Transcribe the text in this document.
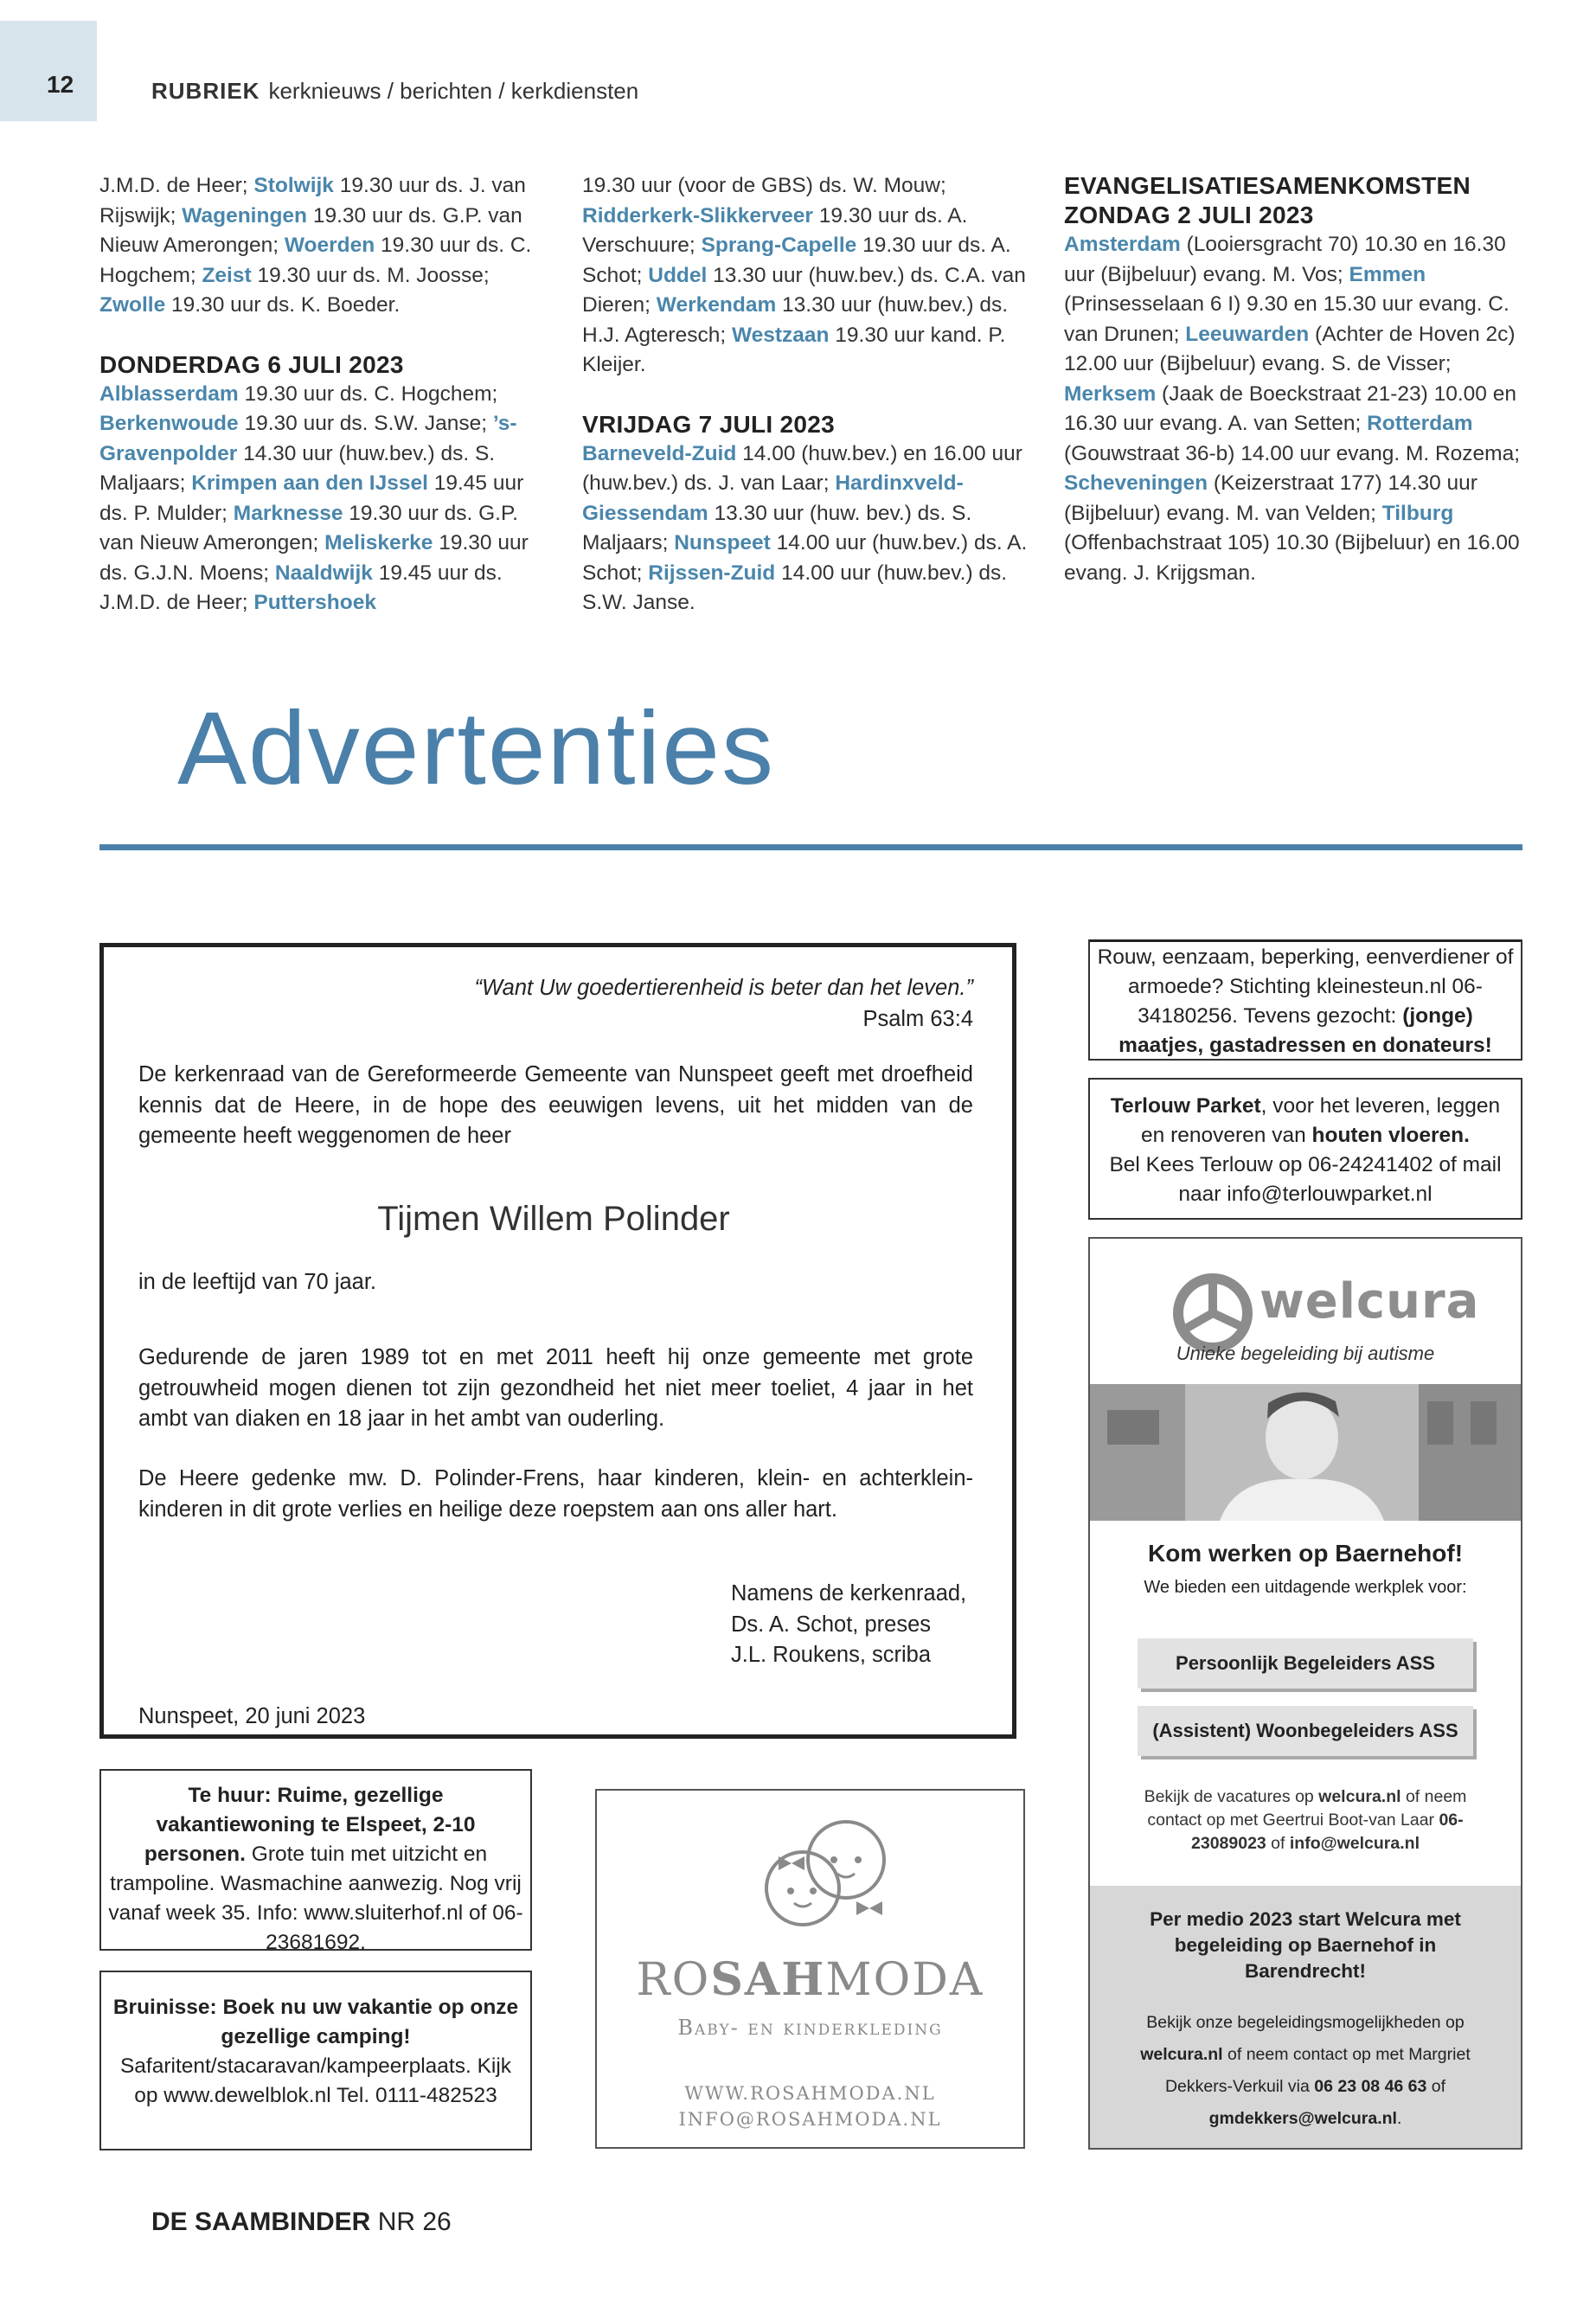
12	RUBRIEK kerknieuws / berichten / kerkdiensten
J.M.D. de Heer; Stolwijk 19.30 uur ds. J. van Rijswijk; Wageningen 19.30 uur ds. G.P. van Nieuw Amerongen; Woerden 19.30 uur ds. C. Hogchem; Zeist 19.30 uur ds. M. Joosse; Zwolle 19.30 uur ds. K. Boeder.
DONDERDAG 6 JULI 2023
Alblasserdam 19.30 uur ds. C. Hogchem; Berkenwoude 19.30 uur ds. S.W. Janse; ’s-Gravenpolder 14.30 uur (huw.bev.) ds. S. Maljaars; Krimpen aan den IJssel 19.45 uur ds. P. Mulder; Marknesse 19.30 uur ds. G.P. van Nieuw Amerongen; Meliskerke 19.30 uur ds. G.J.N. Moens; Naaldwijk 19.45 uur ds. J.M.D. de Heer; Puttershoek
19.30 uur (voor de GBS) ds. W. Mouw; Ridderkerk-Slikkerveer 19.30 uur ds. A. Verschuure; Sprang-Capelle 19.30 uur ds. A. Schot; Uddel 13.30 uur (huw.bev.) ds. C.A. van Dieren; Werkendam 13.30 uur (huw.bev.) ds. H.J. Agteresch; Westzaan 19.30 uur kand. P. Kleijer.
VRIJDAG 7 JULI 2023
Barneveld-Zuid 14.00 (huw.bev.) en 16.00 uur (huw.bev.) ds. J. van Laar; Hardinxveld-Giessendam 13.30 uur (huw. bev.) ds. S. Maljaars; Nunspeet 14.00 uur (huw.bev.) ds. A. Schot; Rijssen-Zuid 14.00 uur (huw.bev.) ds. S.W. Janse.
EVANGELISATIESAMENKOMSTEN
ZONDAG 2 JULI 2023
Amsterdam (Looiersgracht 70) 10.30 en 16.30 uur (Bijbeluur) evang. M. Vos; Emmen (Prinsesselaan 6 I) 9.30 en 15.30 uur evang. C. van Drunen; Leeuwarden (Achter de Hoven 2c) 12.00 uur (Bijbeluur) evang. S. de Visser; Merksem (Jaak de Boeckstraat 21-23) 10.00 en 16.30 uur evang. A. van Setten; Rotterdam (Gouwstraat 36-b) 14.00 uur evang. M. Rozema; Scheveningen (Keizerstraat 177) 14.30 uur (Bijbeluur) evang. M. van Velden; Tilburg (Offenbachstraat 105) 10.30 (Bijbeluur) en 16.00 evang. J. Krijgsman.
Advertenties
“Want Uw goedertierenheid is beter dan het leven.”
Psalm 63:4
De kerkenraad van de Gereformeerde Gemeente van Nunspeet geeft met droefheid kennis dat de Heere, in de hope des eeuwigen levens, uit het midden van de gemeente heeft weggenomen de heer
Tijmen Willem Polinder
in de leeftijd van 70 jaar.
Gedurende de jaren 1989 tot en met 2011 heeft hij onze gemeente met grote getrouwheid mogen dienen tot zijn gezondheid het niet meer toeliet, 4 jaar in het ambt van diaken en 18 jaar in het ambt van ouderling.
De Heere gedenke mw. D. Polinder-Frens, haar kinderen, klein- en achterklein-kinderen in dit grote verlies en heilige deze roepstem aan ons aller hart.
Namens de kerkenraad,
Ds. A. Schot, preses
J.L. Roukens, scriba
Nunspeet, 20 juni 2023
Rouw, eenzaam, beperking, eenverdiener of armoede? Stichting kleinesteun.nl 06-34180256. Tevens gezocht: (jonge) maatjes, gastadressen en donateurs!
Terlouw Parket, voor het leveren, leggen en renoveren van houten vloeren.
Bel Kees Terlouw op 06-24241402 of mail naar info@terlouwparket.nl
welcura
Unieke begeleiding bij autisme
Kom werken op Baernehof!
We bieden een uitdagende werkplek voor:
Persoonlijk Begeleiders ASS
(Assistent) Woonbegeleiders ASS
Bekijk de vacatures op welcura.nl of neem contact op met Geertrui Boot-van Laar 06-23089023 of info@welcura.nl
Per medio 2023 start Welcura met begeleiding op Baernehof in Barendrecht!
Bekijk onze begeleidingsmogelijkheden op welcura.nl of neem contact op met Margriet Dekkers-Verkuil via 06 23 08 46 63 of gmdekkers@welcura.nl.
Te huur: Ruime, gezellige vakantiewoning te Elspeet, 2-10 personen. Grote tuin met uitzicht en trampoline. Wasmachine aanwezig. Nog vrij vanaf week 35. Info: www.sluiterhof.nl of 06-23681692.
Bruinisse: Boek nu uw vakantie op onze gezellige camping!
Safaritent/stacaravan/kampeerplaats. Kijk op www.dewelblok.nl Tel. 0111-482523
ROSAHMODA
Baby- en kinderkleding
WWW.ROSAHMODA.NL
INFO@ROSAHMODA.NL
DE SAAMBINDER NR 26
